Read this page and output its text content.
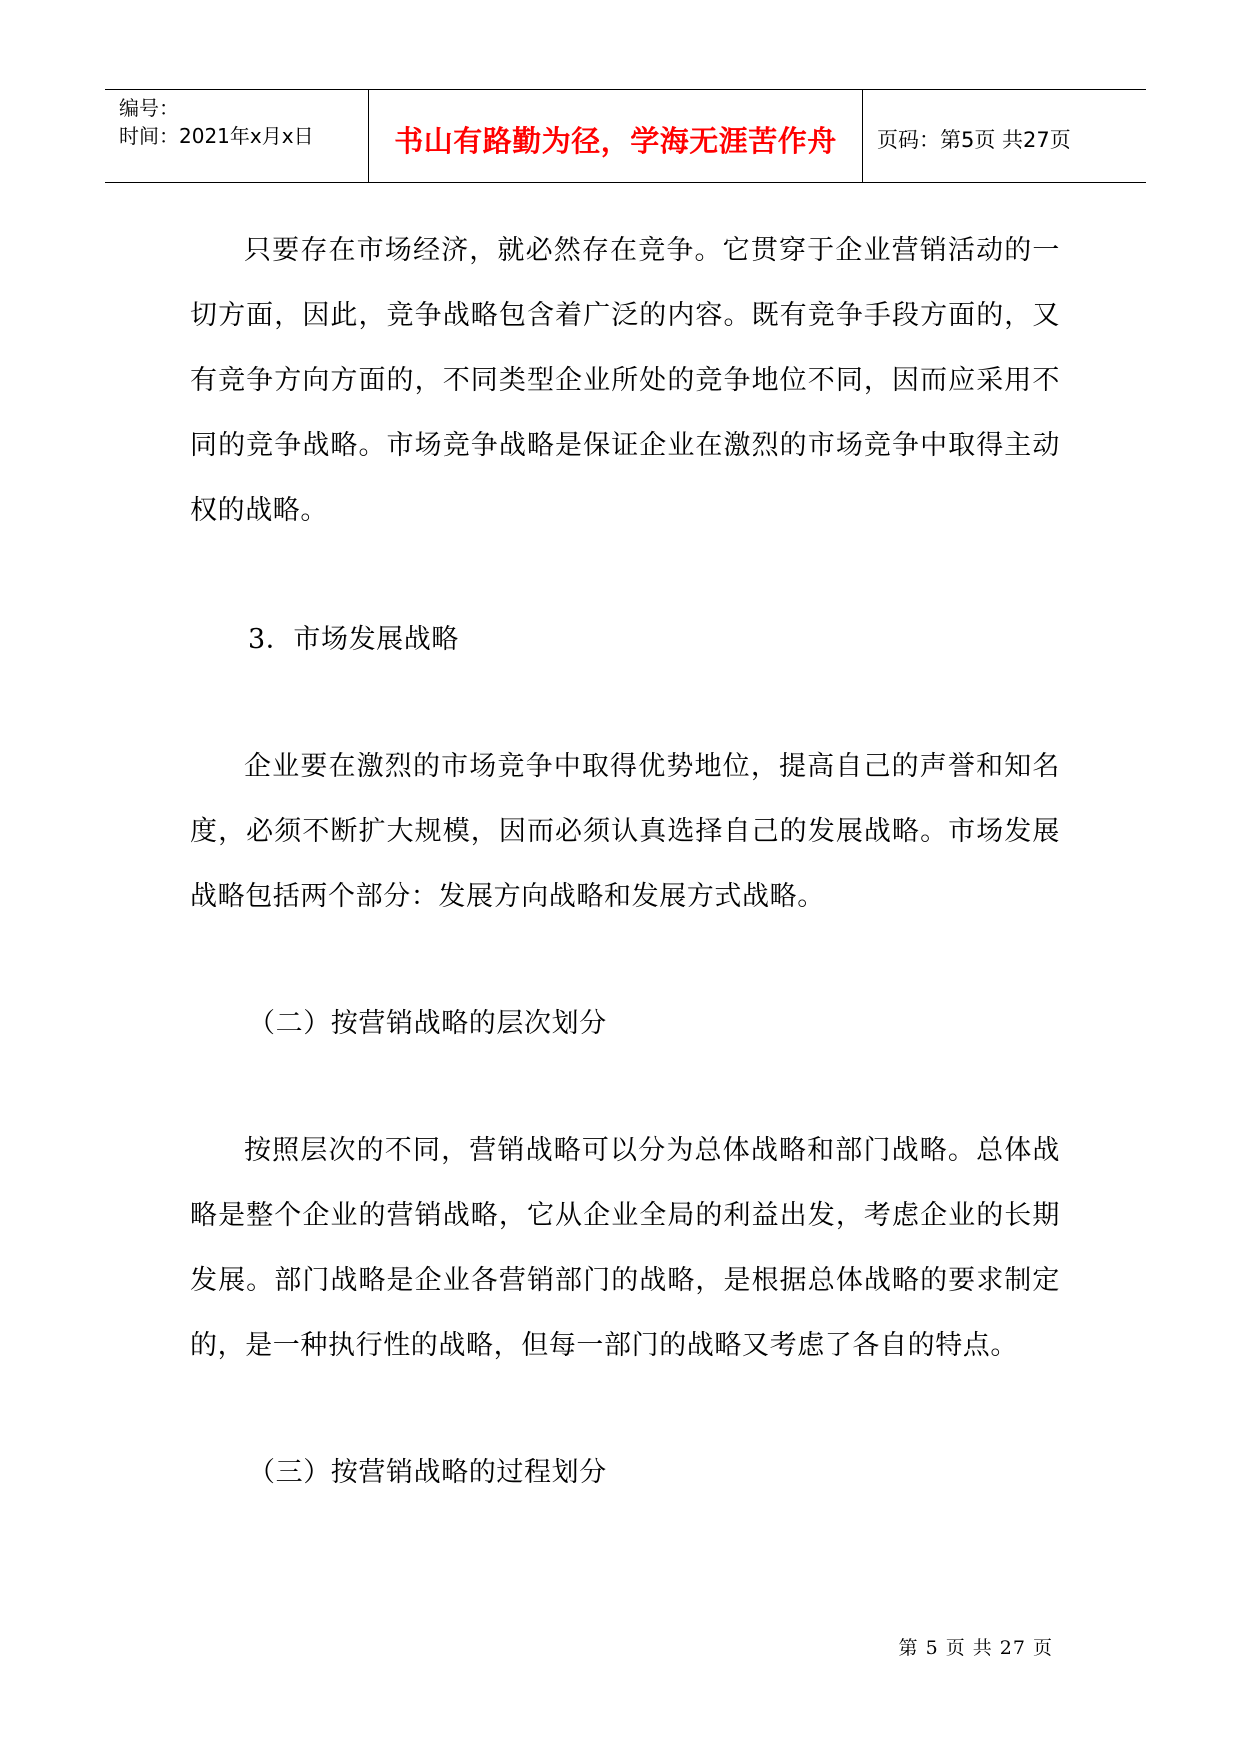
编号：
时间：2021年x月x日	书山有路勤为径，学海无涯苦作舟 页码：第5页 共27页

只要存在市场经济，就必然存在竞争。它贯穿于企业营销活动的一切方面，因此，竞争战略包含着广泛的内容。既有竞争手段方面的，又有竞争方向方面的，不同类型企业所处的竞争地位不同，因而应采用不同的竞争战略。市场竞争战略是保证企业在激烈的市场竞争中取得主动权的战略。

3．市场发展战略

企业要在激烈的市场竞争中取得优势地位，提高自己的声誉和知名度，必须不断扩大规模，因而必须认真选择自己的发展战略。市场发展战略包括两个部分：发展方向战略和发展方式战略。

（二）按营销战略的层次划分

按照层次的不同，营销战略可以分为总体战略和部门战略。总体战略是整个企业的营销战略，它从企业全局的利益出发，考虑企业的长期发展。部门战略是企业各营销部门的战略，是根据总体战略的要求制定的，是一种执行性的战略，但每一部门的战略又考虑了各自的特点。

（三）按营销战略的过程划分

第 5 页 共 27 页
